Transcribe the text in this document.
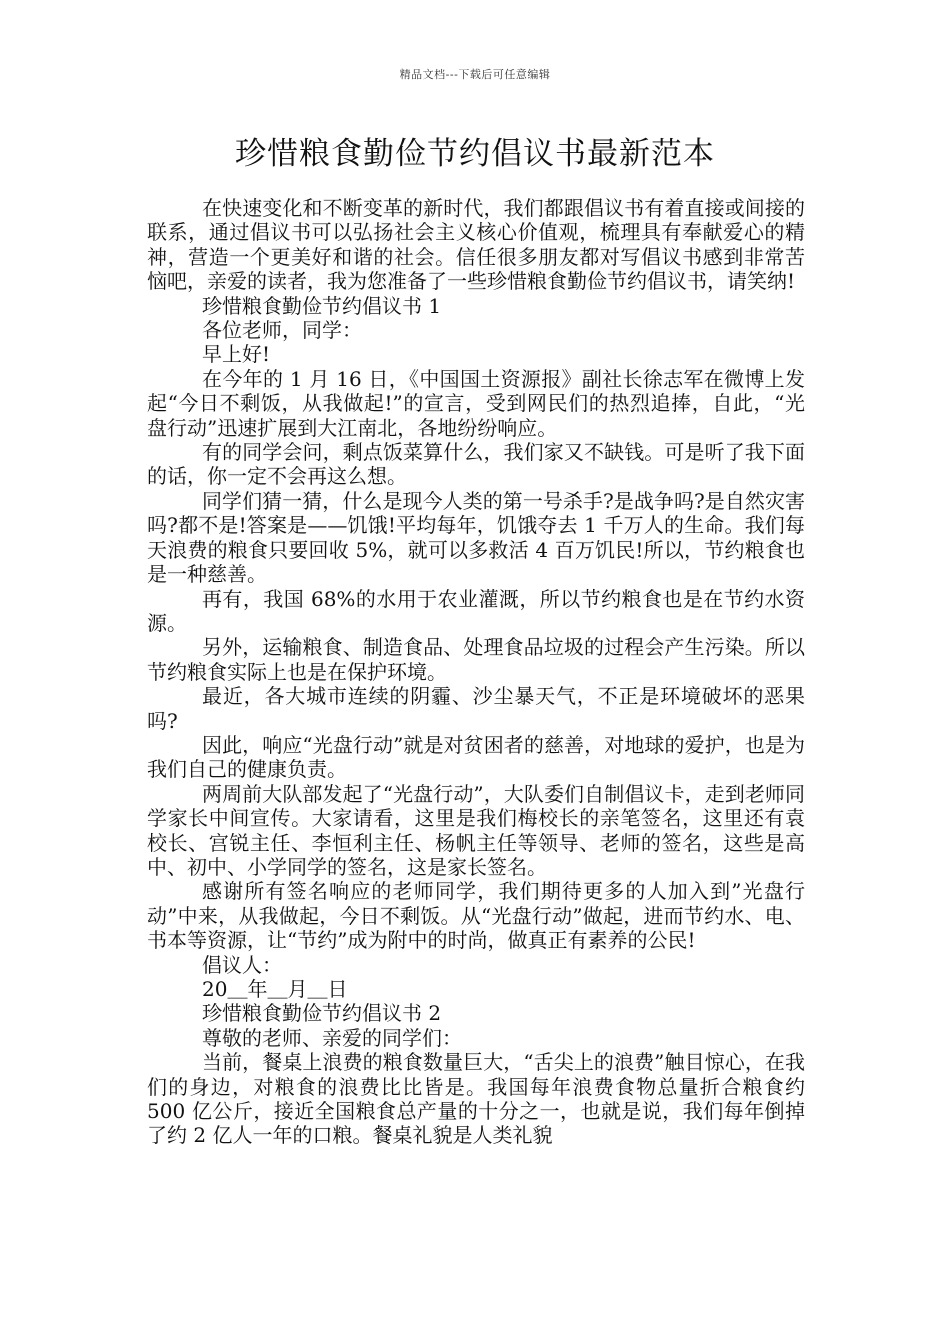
精品文档---下载后可任意编辑
珍惜粮食勤俭节约倡议书最新范本

在快速变化和不断变革的新时代，我们都跟倡议书有着直接或间接的联系，通过倡议书可以弘扬社会主义核心价值观，梳理具有奉献爱心的精神，营造一个更美好和谐的社会。信任很多朋友都对写倡议书感到非常苦恼吧，亲爱的读者，我为您准备了一些珍惜粮食勤俭节约倡议书，请笑纳!

珍惜粮食勤俭节约倡议书 1

各位老师，同学：

早上好!

在今年的 1 月 16 日，《中国国土资源报》副社长徐志军在微博上发起“今日不剩饭，从我做起!”的宣言，受到网民们的热烈追捧，自此，“光盘行动”迅速扩展到大江南北，各地纷纷响应。

有的同学会问，剩点饭菜算什么，我们家又不缺钱。可是听了我下面的话，你一定不会再这么想。

同学们猜一猜，什么是现今人类的第一号杀手?是战争吗?是自然灾害吗?都不是!答案是——饥饿!平均每年，饥饿夺去 1 千万人的生命。我们每天浪费的粮食只要回收 5%，就可以多救活 4 百万饥民!所以，节约粮食也是一种慈善。

再有，我国 68%的水用于农业灌溉，所以节约粮食也是在节约水资源。

另外，运输粮食、制造食品、处理食品垃圾的过程会产生污染。所以节约粮食实际上也是在保护环境。

最近，各大城市连续的阴霾、沙尘暴天气，不正是环境破坏的恶果吗?

因此，响应“光盘行动”就是对贫困者的慈善，对地球的爱护，也是为我们自己的健康负责。

两周前大队部发起了“光盘行动”，大队委们自制倡议卡，走到老师同学家长中间宣传。大家请看，这里是我们梅校长的亲笔签名，这里还有袁校长、宫锐主任、李恒利主任、杨帆主任等领导、老师的签名，这些是高中、初中、小学同学的签名，这是家长签名。

感谢所有签名响应的老师同学，我们期待更多的人加入到”光盘行动”中来，从我做起，今日不剩饭。从“光盘行动”做起，进而节约水、电、书本等资源，让“节约”成为附中的时尚，做真正有素养的公民!

倡议人：

20＿年＿月＿日

珍惜粮食勤俭节约倡议书 2

尊敬的老师、亲爱的同学们：

当前，餐桌上浪费的粮食数量巨大，“舌尖上的浪费”触目惊心，在我们的身边，对粮食的浪费比比皆是。我国每年浪费食物总量折合粮食约 500 亿公斤，接近全国粮食总产量的十分之一，也就是说，我们每年倒掉了约 2 亿人一年的口粮。餐桌礼貌是人类礼貌
